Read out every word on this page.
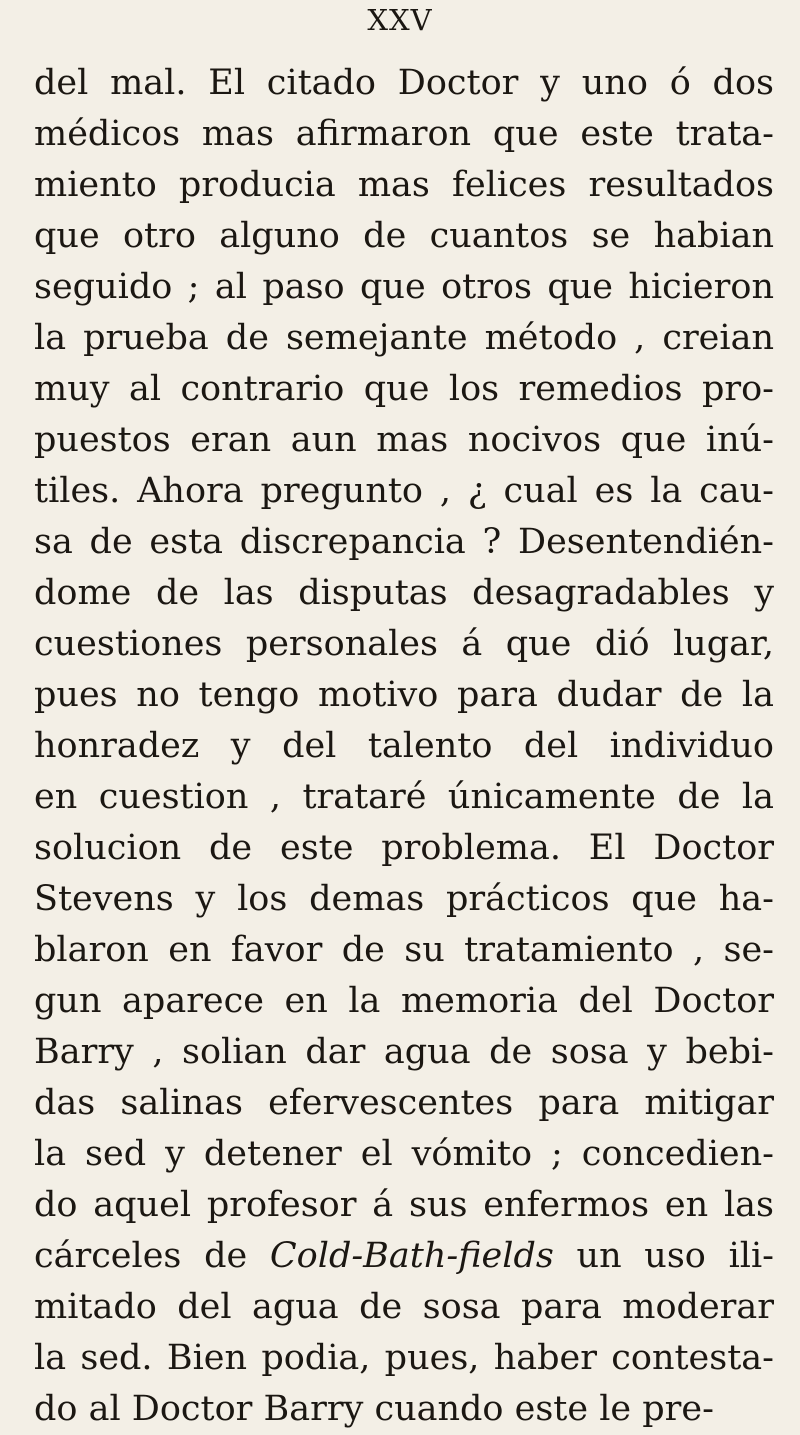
XXV
del mal. El citado Doctor y uno ó dos
médicos mas afirmaron que este trata-
miento producia mas felices resultados
que otro alguno de cuantos se habian
seguido ; al paso que otros que hicieron
la prueba de semejante método , creian
muy al contrario que los remedios pro-
puestos eran aun mas nocivos que inú-
tiles. Ahora pregunto , ¿ cual es la cau-
sa de esta discrepancia ? Desentendién-
dome de las disputas desagradables y
cuestiones personales á que dió lugar,
pues no tengo motivo para dudar de la
honradez y del talento del individuo
en cuestion , trataré únicamente de la
solucion de este problema. El Doctor
Stevens y los demas prácticos que ha-
blaron en favor de su tratamiento , se-
gun aparece en la memoria del Doctor
Barry , solian dar agua de sosa y bebi-
das salinas efervescentes para mitigar
la sed y detener el vómito ; concedien-
do aquel profesor á sus enfermos en las
cárceles de Cold-Bath-fields un uso ili-
mitado del agua de sosa para moderar
la sed. Bien podia, pues, haber contesta-
do al Doctor Barry cuando este le pre-
